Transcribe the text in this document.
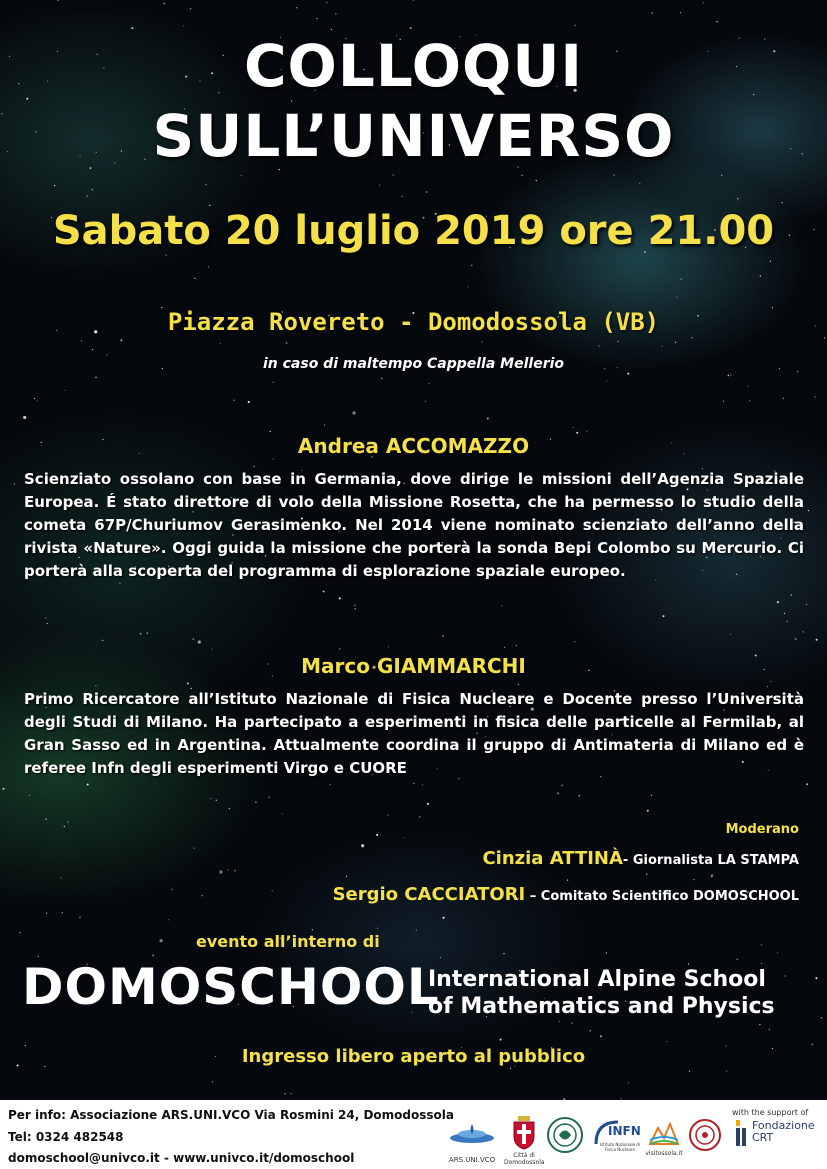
COLLOQUI
SULL’UNIVERSO
Sabato 20 luglio 2019 ore 21.00
Piazza Rovereto - Domodossola (VB)
in caso di maltempo Cappella Mellerio
Andrea ACCOMAZZO
Scienziato ossolano con base in Germania, dove dirige le missioni dell’Agenzia Spaziale Europea. É stato direttore di volo della Missione Rosetta, che ha permesso lo studio della cometa 67P/Churiumov Gerasimenko. Nel 2014 viene nominato scienziato dell’anno della rivista «Nature». Oggi guida la missione che porterà la sonda Bepi Colombo su Mercurio. Ci porterà alla scoperta del programma di esplorazione spaziale europeo.
Marco GIAMMARCHI
Primo Ricercatore all’Istituto Nazionale di Fisica Nucleare e Docente presso l’Università degli Studi di Milano. Ha partecipato a esperimenti in fisica delle particelle al Fermilab, al Gran Sasso ed in Argentina. Attualmente coordina il gruppo di Antimateria di Milano ed è referee Infn degli esperimenti Virgo e CUORE
Moderano
Cinzia ATTINÀ- Giornalista LA STAMPA
Sergio CACCIATORI – Comitato Scientifico DOMOSCHOOL
evento all’interno di
DOMOSCHOOL
International Alpine School
of Mathematics and Physics
Ingresso libero aperto al pubblico
Per info: Associazione ARS.UNI.VCO Via Rosmini 24, Domodossola
Tel: 0324 482548
domoschool@univco.it - www.univco.it/domoschool	ARS.UNI.VCO
Città di Domodossola
INFN
Istituto Nazionale di Fisica Nucleare
visitossola.it
with the support of
Fondazione
CRT
